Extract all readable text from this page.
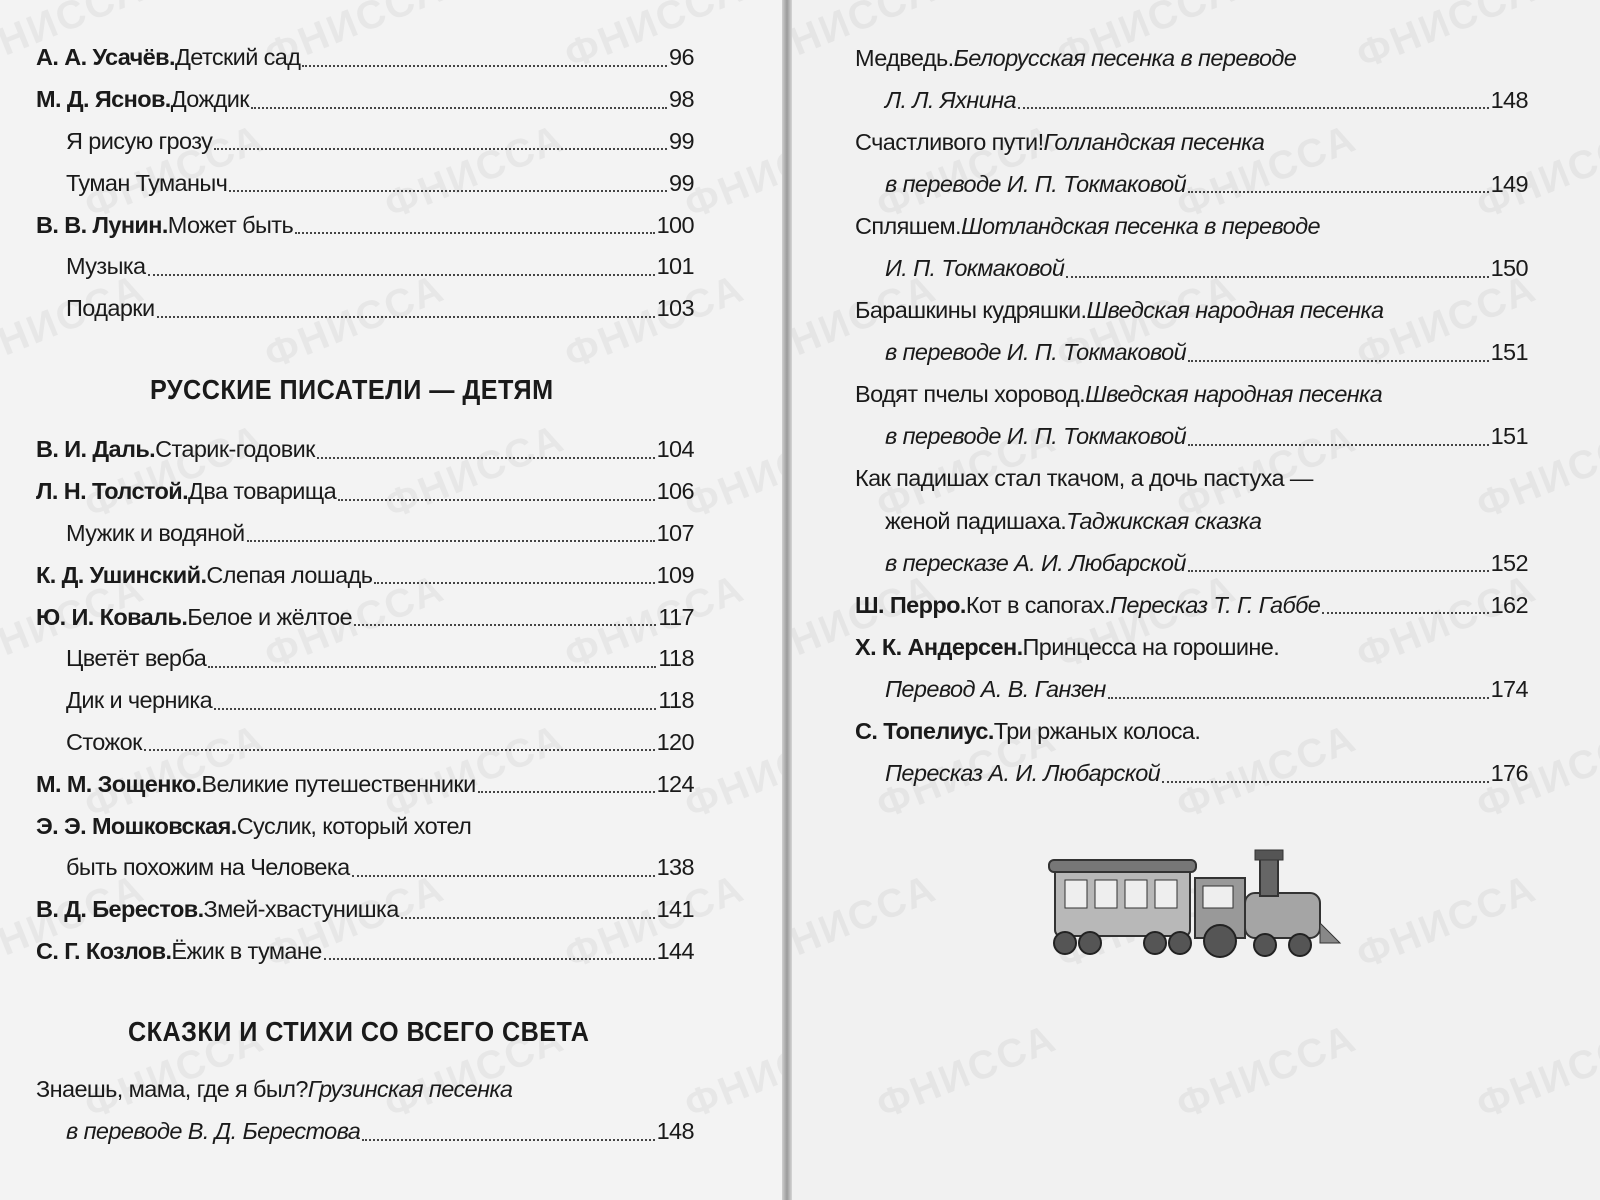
А. А. Усачёв. Детский сад	96
М. Д. Яснов. Дождик	98
Я рисую грозу	99
Туман Туманыч	99
В. В. Лунин. Может быть	100
Музыка	101
Подарки	103
РУССКИЕ ПИСАТЕЛИ — ДЕТЯМ
В. И. Даль. Старик-годовик	104
Л. Н. Толстой. Два товарища	106
Мужик и водяной	107
К. Д. Ушинский. Слепая лошадь	109
Ю. И. Коваль. Белое и жёлтое	117
Цветёт верба	118
Дик и черника	118
Стожок	120
М. М. Зощенко. Великие путешественники	124
Э. Э. Мошковская. Суслик, который хотел
быть похожим на Человека	138
В. Д. Берестов. Змей-хвастунишка	141
С. Г. Козлов. Ёжик в тумане	144
СКАЗКИ И СТИХИ СО ВСЕГО СВЕТА
Знаешь, мама, где я был? Грузинская песенка
в переводе В. Д. Берестова	148
Медведь. Белорусская песенка в переводе
Л. Л. Яхнина	148
Счастливого пути! Голландская песенка
в переводе И. П. Токмаковой	149
Спляшем. Шотландская песенка в переводе
И. П. Токмаковой	150
Барашкины кудряшки. Шведская народная песенка
в переводе И. П. Токмаковой	151
Водят пчелы хоровод. Шведская народная песенка
в переводе И. П. Токмаковой	151
Как падишах стал ткачом, а дочь пастуха —
женой падишаха. Таджикская сказка
в пересказе А. И. Любарской	152
Ш. Перро. Кот в сапогах. Пересказ Т. Г. Габбе	162
Х. К. Андерсен. Принцесса на горошине.
Перевод А. В. Ганзен	174
С. Топелиус. Три ржаных колоса.
Пересказ А. И. Любарской	176
